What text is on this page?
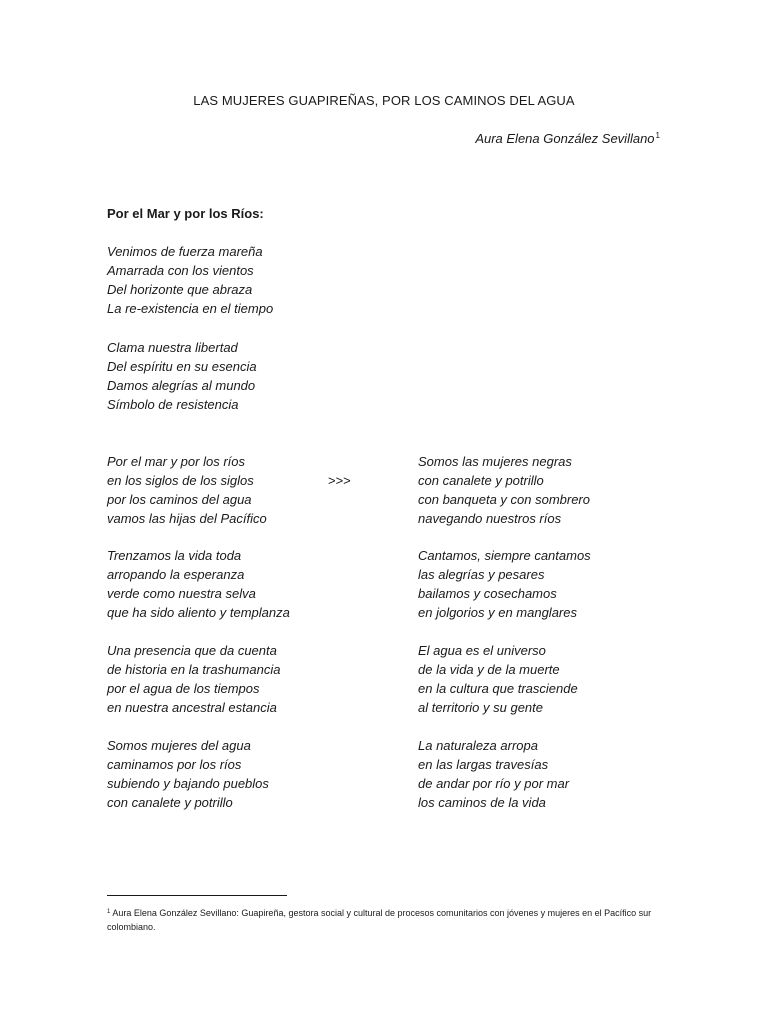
LAS MUJERES GUAPIREÑAS, POR LOS CAMINOS DEL AGUA
Aura Elena González Sevillano$^1$
Por el Mar y por los Ríos:
Venimos de fuerza mareña
Amarrada con los vientos
Del horizonte que abraza
La re-existencia en el tiempo
Clama nuestra libertad
Del espíritu en su esencia
Damos alegrías al mundo
Símbolo de resistencia
>>>
Por el mar y por los ríos
en los siglos de los siglos
por los caminos del agua
vamos las hijas del Pacífico
Trenzamos la vida toda
arropando la esperanza
verde como nuestra selva
que ha sido aliento y templanza
Una presencia que da cuenta
de historia en la trashumancia
por el agua de los tiempos
en nuestra ancestral estancia
Somos mujeres del agua
caminamos por los ríos
subiendo y bajando pueblos
con canalete y potrillo
Somos las mujeres negras
con canalete y potrillo
con banqueta y con sombrero
navegando nuestros ríos
Cantamos, siempre cantamos
las alegrías y pesares
bailamos y cosechamos
en jolgorios y en manglares
El agua es el universo
de la vida y de la muerte
en la cultura que trasciende
al territorio y su gente
La naturaleza arropa
en las largas travesías
de andar por río y por mar
los caminos de la vida
$^1$ Aura Elena González Sevillano: Guapireña, gestora social y cultural de procesos comunitarios con jóvenes y mujeres en el Pacífico sur colombiano.
